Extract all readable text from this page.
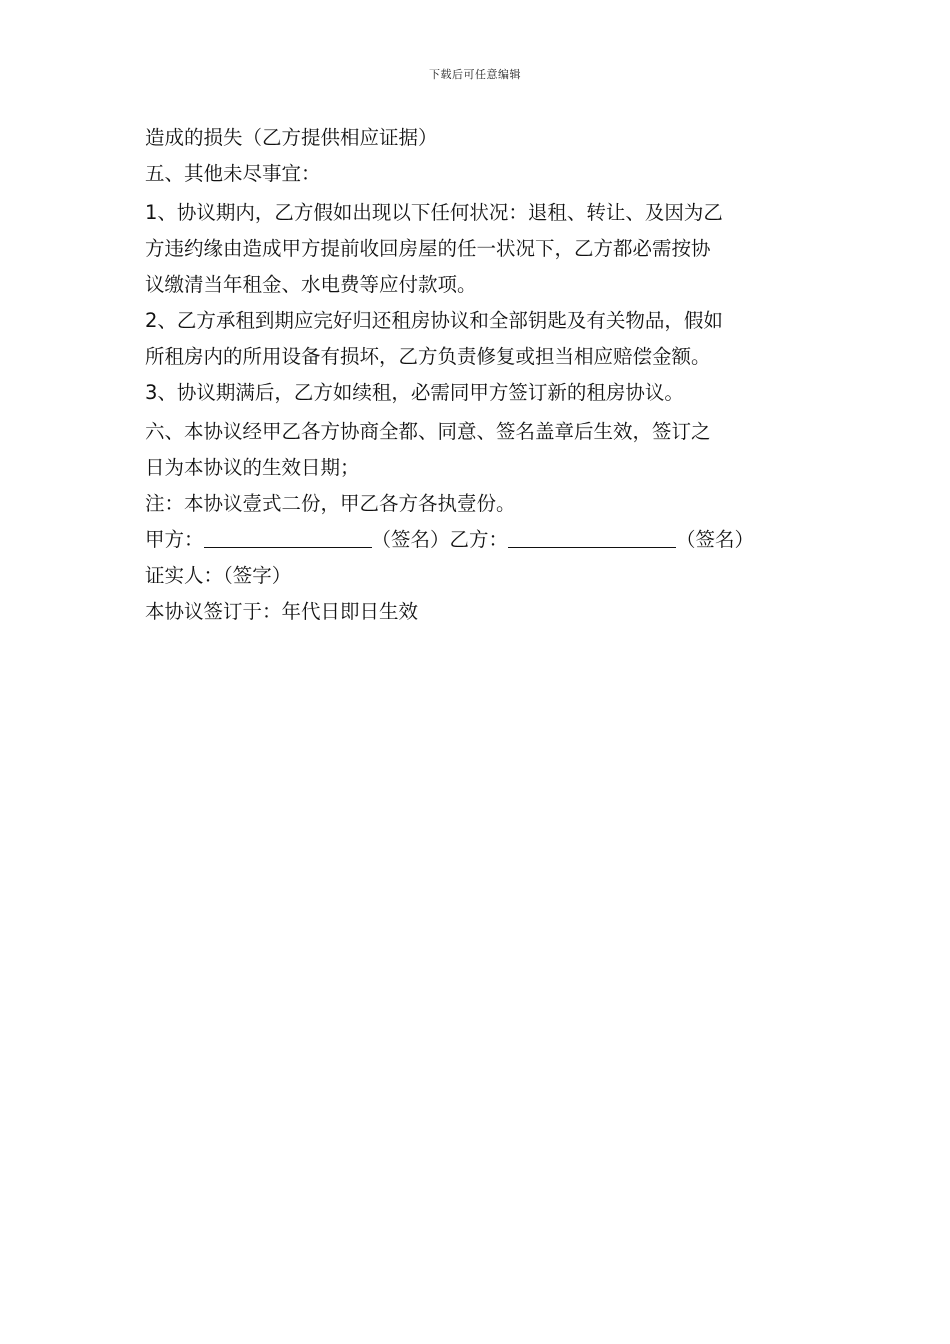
下载后可任意编辑

造成的损失（乙方提供相应证据）

五、其他未尽事宜：

1、协议期内，乙方假如出现以下任何状况：退租、转让、及因为乙

方违约缘由造成甲方提前收回房屋的任一状况下，乙方都必需按协

议缴清当年租金、水电费等应付款项。

2、乙方承租到期应完好归还租房协议和全部钥匙及有关物品，假如

所租房内的所用设备有损坏，乙方负责修复或担当相应赔偿金额。

3、协议期满后，乙方如续租，必需同甲方签订新的租房协议。

六、本协议经甲乙各方协商全都、同意、签名盖章后生效，签订之

日为本协议的生效日期；

注：本协议壹式二份，甲乙各方各执壹份。

甲方：	（签名）乙方：	（签名）

证实人：（签字）

本协议签订于：年代日即日生效
